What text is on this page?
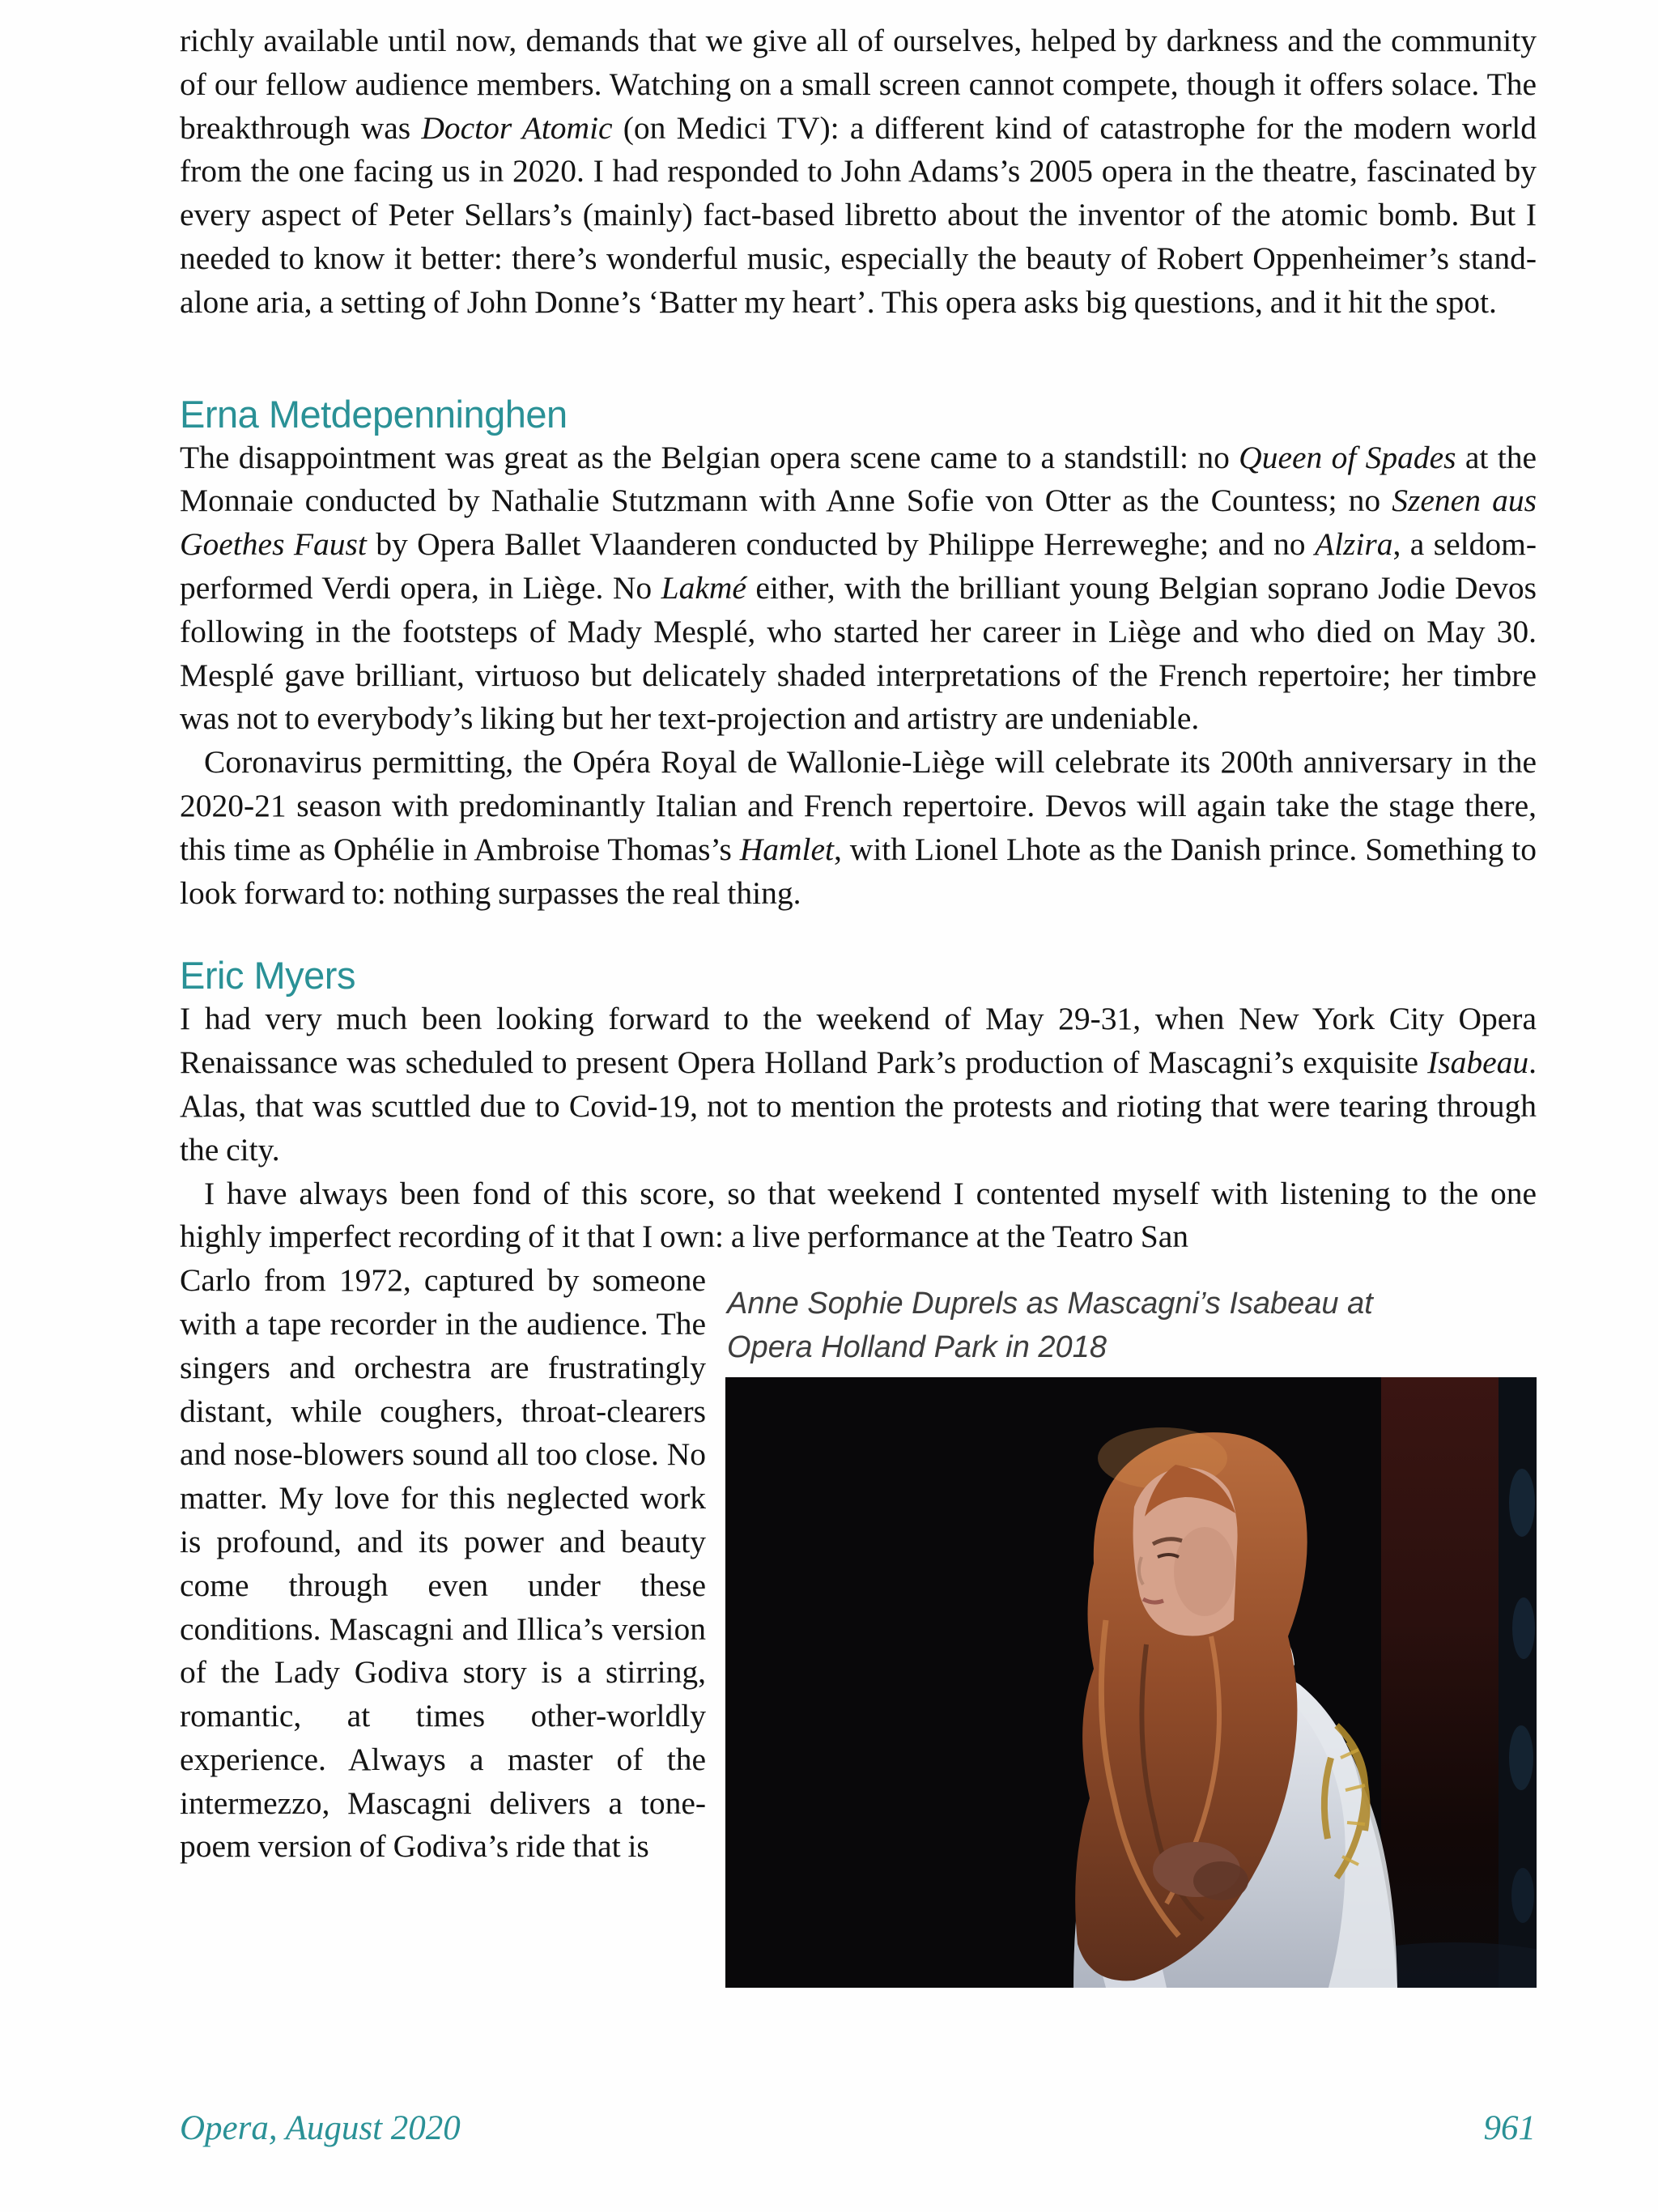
richly available until now, demands that we give all of ourselves, helped by darkness and the community of our fellow audience members. Watching on a small screen cannot compete, though it offers solace. The breakthrough was Doctor Atomic (on Medici TV): a different kind of catastrophe for the modern world from the one facing us in 2020. I had responded to John Adams’s 2005 opera in the theatre, fascinated by every aspect of Peter Sellars’s (mainly) fact-based libretto about the inventor of the atomic bomb. But I needed to know it better: there’s wonderful music, especially the beauty of Robert Oppenheimer’s stand-alone aria, a setting of John Donne’s ‘Batter my heart’. This opera asks big questions, and it hit the spot.

Erna Metdepenninghen

The disappointment was great as the Belgian opera scene came to a standstill: no Queen of Spades at the Monnaie conducted by Nathalie Stutzmann with Anne Sofie von Otter as the Countess; no Szenen aus Goethes Faust by Opera Ballet Vlaanderen conducted by Philippe Herreweghe; and no Alzira, a seldom-performed Verdi opera, in Liège. No Lakmé either, with the brilliant young Belgian soprano Jodie Devos following in the footsteps of Mady Mesplé, who started her career in Liège and who died on May 30. Mesplé gave brilliant, virtuoso but delicately shaded interpretations of the French repertoire; her timbre was not to everybody’s liking but her text-projection and artistry are undeniable.

Coronavirus permitting, the Opéra Royal de Wallonie-Liège will celebrate its 200th anniversary in the 2020-21 season with predominantly Italian and French repertoire. Devos will again take the stage there, this time as Ophélie in Ambroise Thomas’s Hamlet, with Lionel Lhote as the Danish prince. Something to look forward to: nothing surpasses the real thing.

Eric Myers

I had very much been looking forward to the weekend of May 29-31, when New York City Opera Renaissance was scheduled to present Opera Holland Park’s production of Mascagni’s exquisite Isabeau. Alas, that was scuttled due to Covid-19, not to mention the protests and rioting that were tearing through the city.

I have always been fond of this score, so that weekend I contented myself with listening to the one highly imperfect recording of it that I own: a live performance at the Teatro San

Anne Sophie Duprels as Mascagni’s Isabeau at Opera Holland Park in 2018

Carlo from 1972, captured by someone with a tape recorder in the audience. The singers and orchestra are frustratingly distant, while coughers, throat-clearers and nose-blowers sound all too close. No matter. My love for this neglected work is profound, and its power and beauty come through even under these conditions. Mascagni and Illica’s version of the Lady Godiva story is a stirring, romantic, at times other-worldly experience. Always a master of the intermezzo, Mascagni delivers a tone-poem version of Godiva’s ride that is

Opera, August 2020	961
